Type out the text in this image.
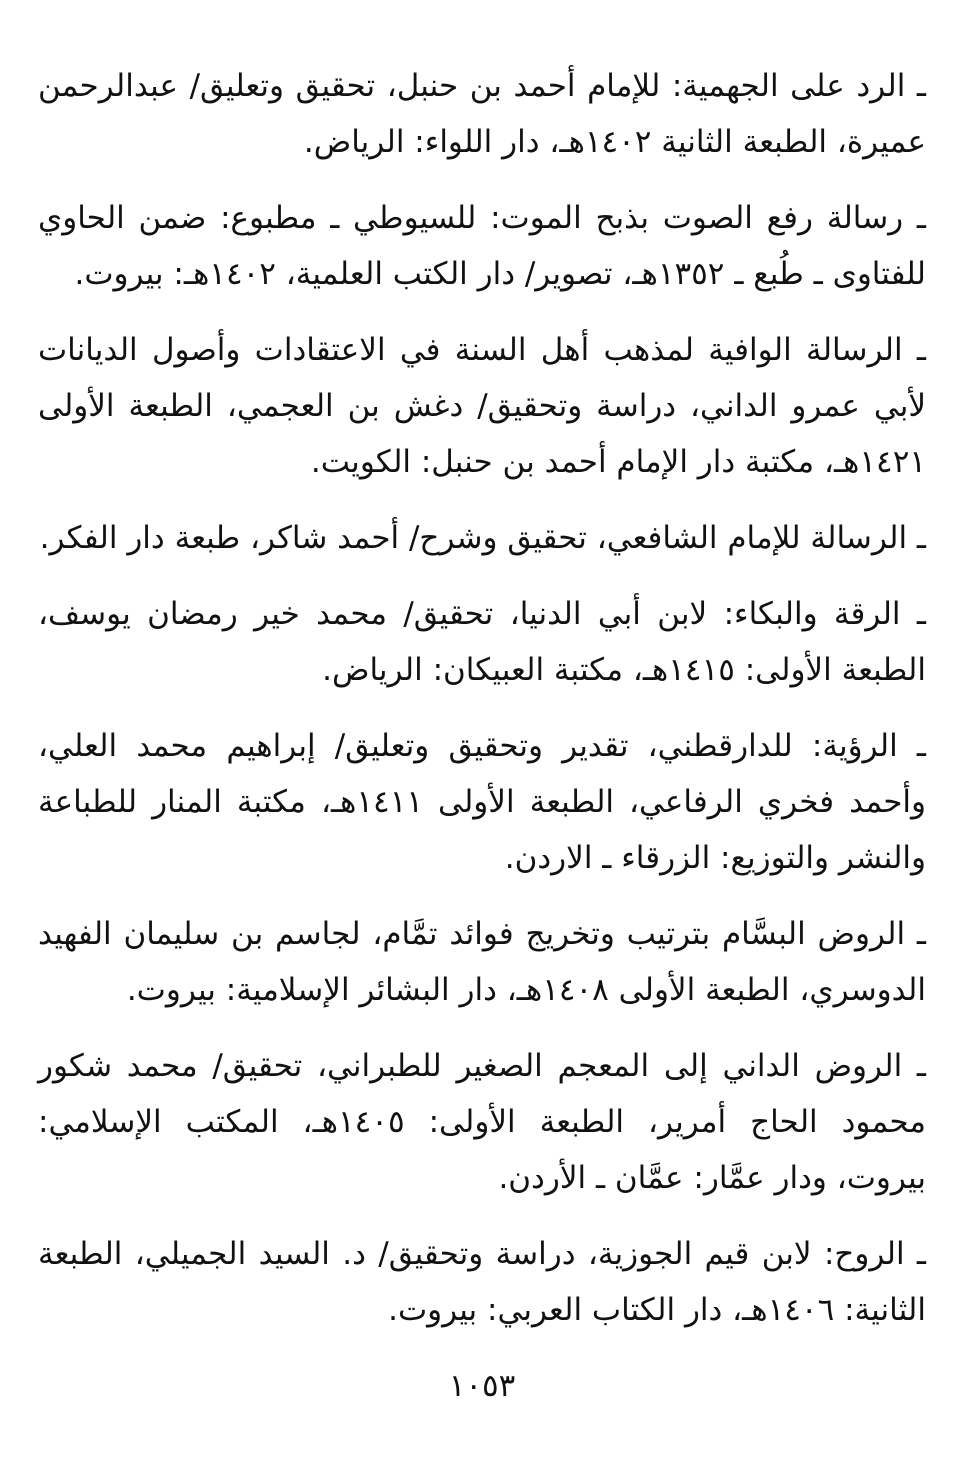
ـ الرد على الجهمية: للإمام أحمد بن حنبل، تحقيق وتعليق/ عبدالرحمن عميرة، الطبعة الثانية ١٤٠٢هـ، دار اللواء: الرياض.

ـ رسالة رفع الصوت بذبح الموت: للسيوطي ـ مطبوع: ضمن الحاوي للفتاوى ـ طُبع ـ ١٣٥٢هـ، تصوير/ دار الكتب العلمية، ١٤٠٢هـ: بيروت.

ـ الرسالة الوافية لمذهب أهل السنة في الاعتقادات وأصول الديانات لأبي عمرو الداني، دراسة وتحقيق/ دغش بن العجمي، الطبعة الأولى ١٤٢١هـ، مكتبة دار الإمام أحمد بن حنبل: الكويت.

ـ الرسالة للإمام الشافعي، تحقيق وشرح/ أحمد شاكر، طبعة دار الفكر.

ـ الرقة والبكاء: لابن أبي الدنيا، تحقيق/ محمد خير رمضان يوسف، الطبعة الأولى: ١٤١٥هـ، مكتبة العبيكان: الرياض.

ـ الرؤية: للدارقطني، تقدير وتحقيق وتعليق/ إبراهيم محمد العلي، وأحمد فخري الرفاعي، الطبعة الأولى ١٤١١هـ، مكتبة المنار للطباعة والنشر والتوزيع: الزرقاء ـ الاردن.

ـ الروض البسَّام بترتيب وتخريج فوائد تمَّام، لجاسم بن سليمان الفهيد الدوسري، الطبعة الأولى ١٤٠٨هـ، دار البشائر الإسلامية: بيروت.

ـ الروض الداني إلى المعجم الصغير للطبراني، تحقيق/ محمد شكور محمود الحاج أمرير، الطبعة الأولى: ١٤٠٥هـ، المكتب الإسلامي: بيروت، ودار عمَّار: عمَّان ـ الأردن.

ـ الروح: لابن قيم الجوزية، دراسة وتحقيق/ د. السيد الجميلي، الطبعة الثانية: ١٤٠٦هـ، دار الكتاب العربي: بيروت.

١٠٥٣
